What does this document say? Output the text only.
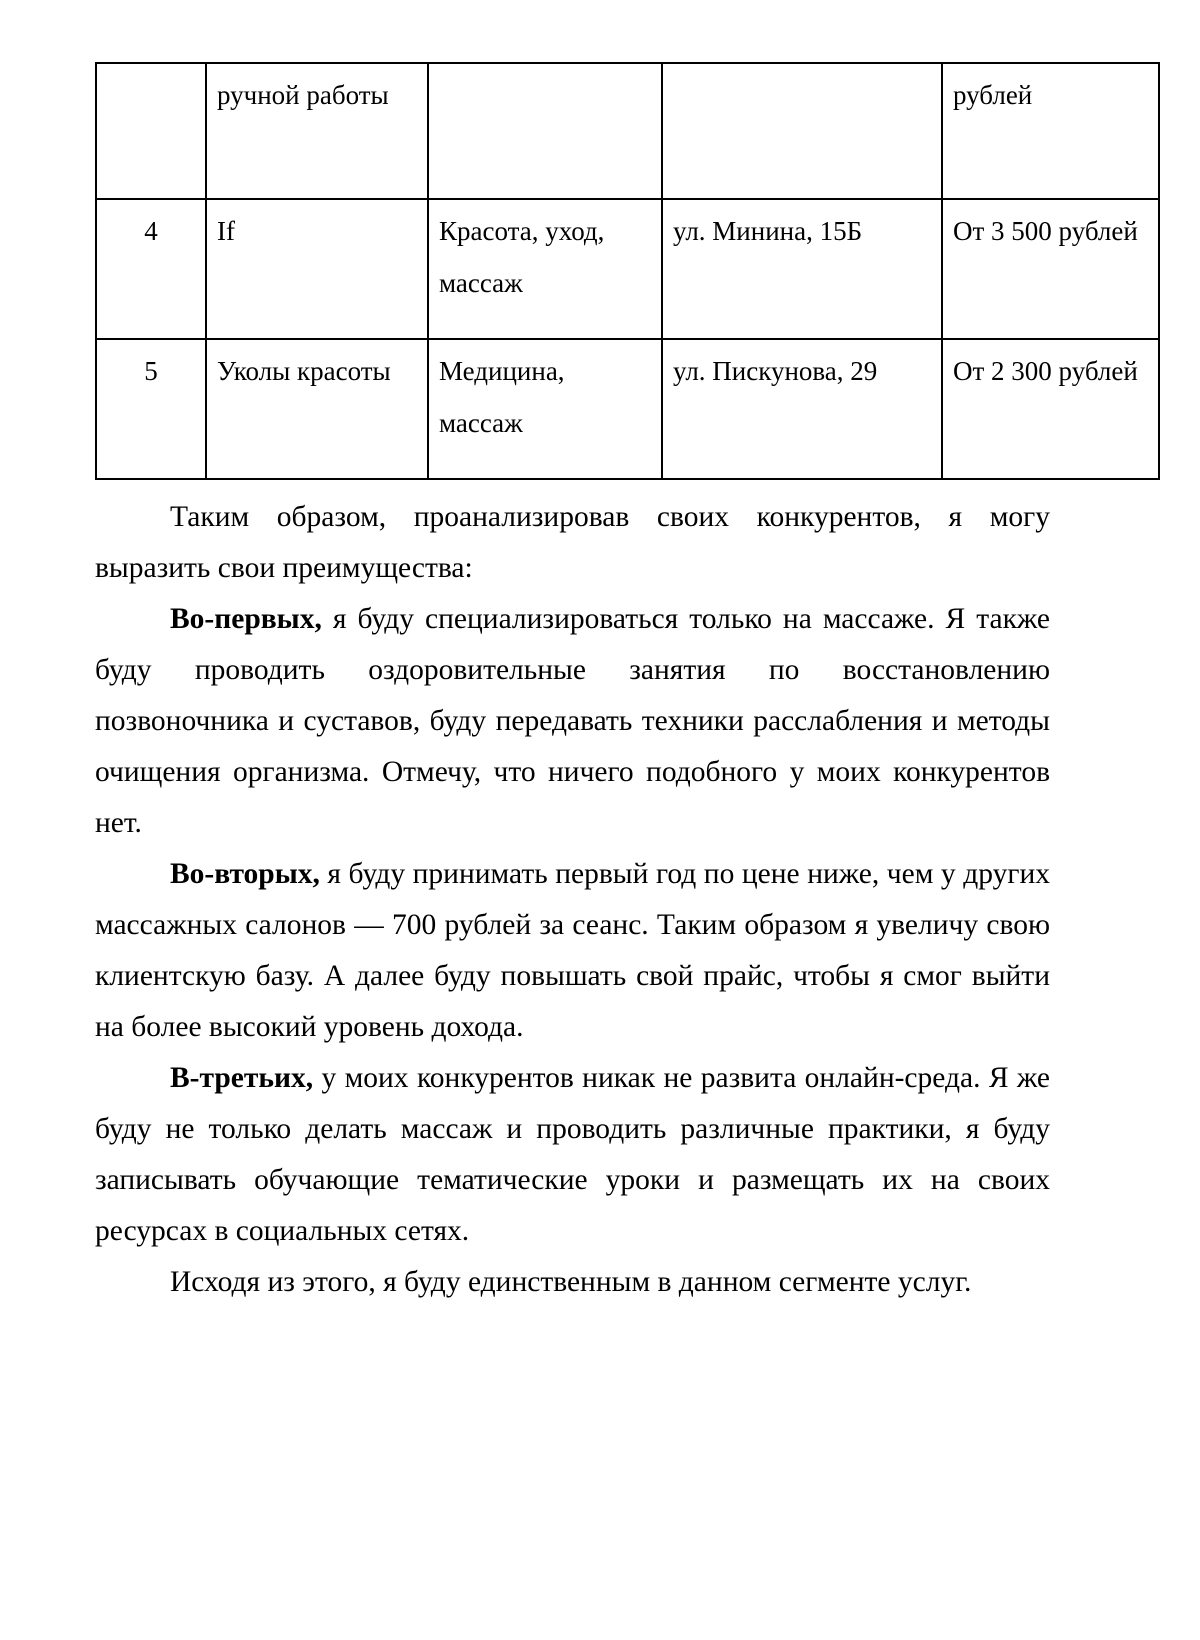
	ручной работы			рублей
4	If	Красота, уход, массаж	ул. Минина, 15Б	От 3 500 рублей
5	Уколы красоты	Медицина, массаж	ул. Пискунова, 29	От 2 300 рублей

Таким образом, проанализировав своих конкурентов, я могу выразить свои преимущества:

Во-первых, я буду специализироваться только на массаже. Я также буду проводить оздоровительные занятия по восстановлению позвоночника и суставов, буду передавать техники расслабления и методы очищения организма. Отмечу, что ничего подобного у моих конкурентов нет.

Во-вторых, я буду принимать первый год по цене ниже, чем у других массажных салонов — 700 рублей за сеанс. Таким образом я увеличу свою клиентскую базу. А далее буду повышать свой прайс, чтобы я смог выйти на более высокий уровень дохода.

В-третьих, у моих конкурентов никак не развита онлайн-среда. Я же буду не только делать массаж и проводить различные практики, я буду записывать обучающие тематические уроки и размещать их на своих ресурсах в социальных сетях.

Исходя из этого, я буду единственным в данном сегменте услуг.
